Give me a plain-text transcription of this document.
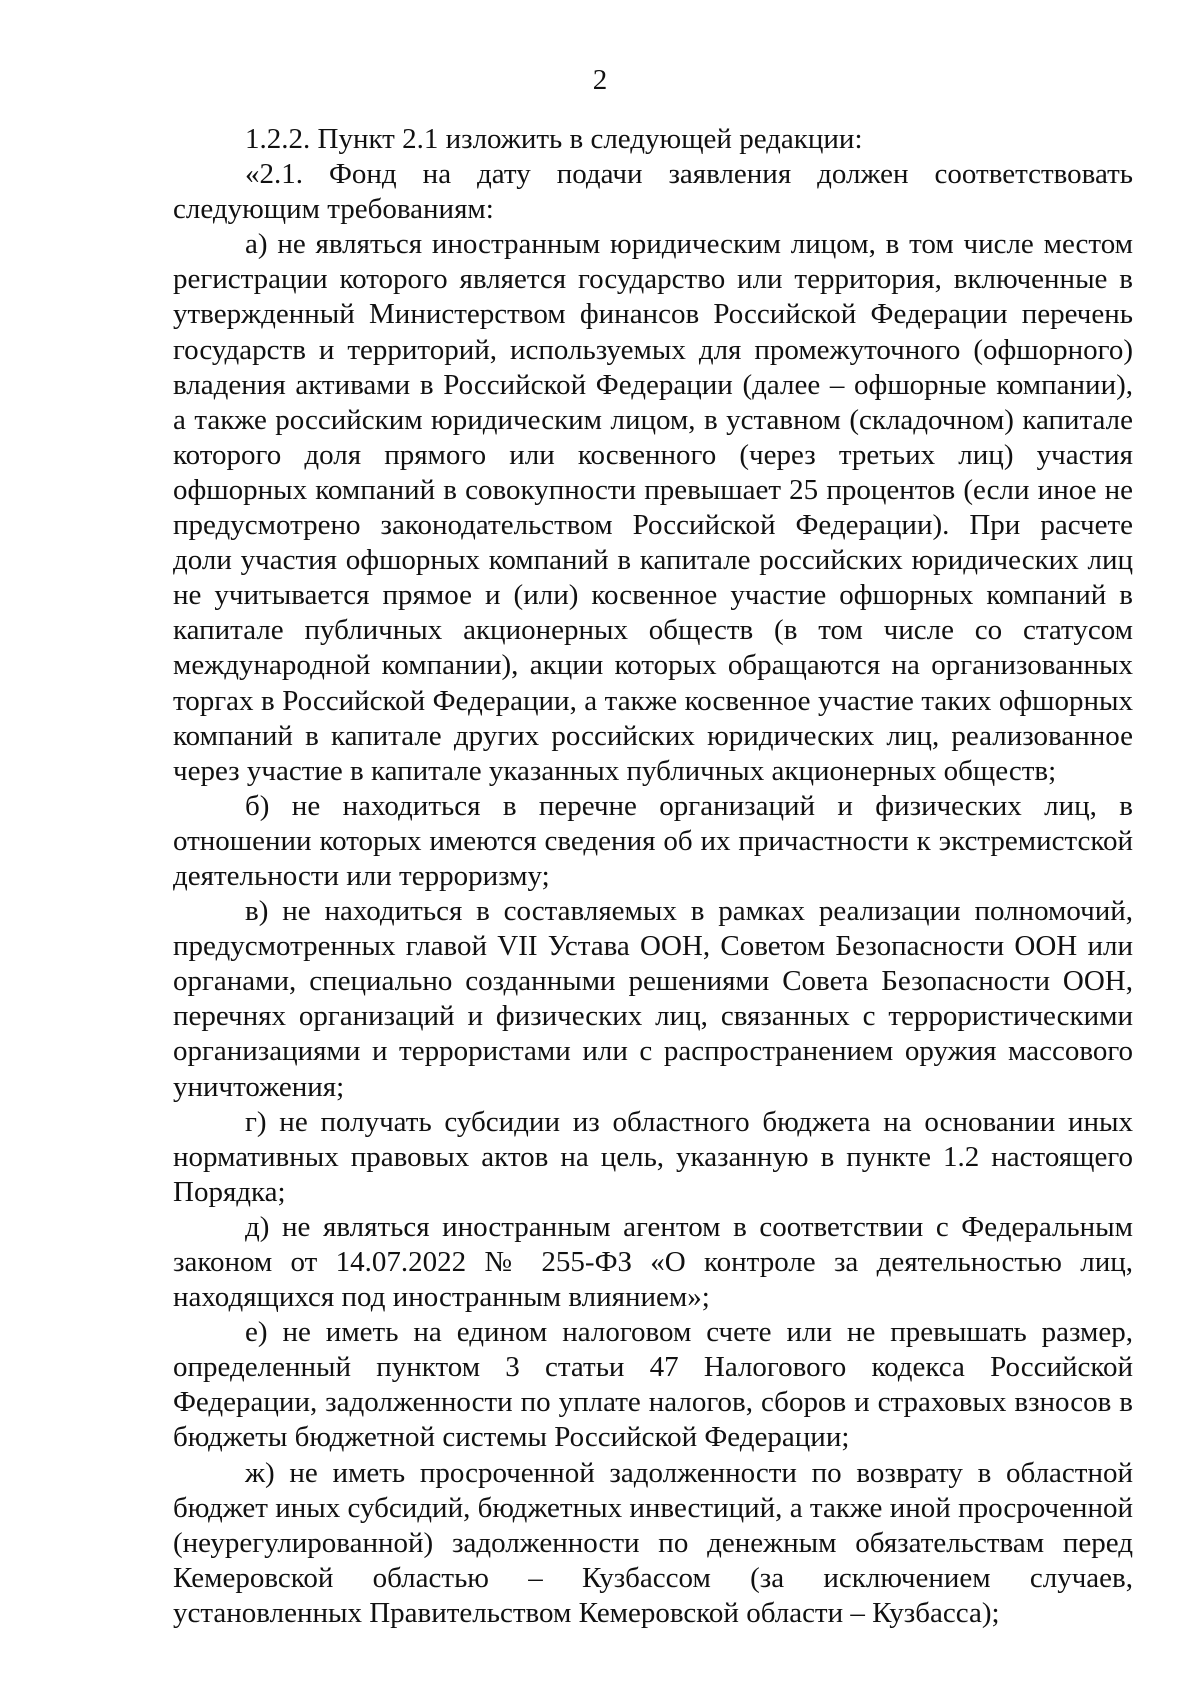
2

1.2.2. Пункт 2.1 изложить в следующей редакции:

«2.1. Фонд на дату подачи заявления должен соответствовать следующим требованиям:

а) не являться иностранным юридическим лицом, в том числе местом регистрации которого является государство или территория, включенные в утвержденный Министерством финансов Российской Федерации перечень государств и территорий, используемых для промежуточного (офшорного) владения активами в Российской Федерации (далее – офшорные компании), а также российским юридическим лицом, в уставном (складочном) капитале которого доля прямого или косвенного (через третьих лиц) участия офшорных компаний в совокупности превышает 25 процентов (если иное не предусмотрено законодательством Российской Федерации). При расчете доли участия офшорных компаний в капитале российских юридических лиц не учитывается прямое и (или) косвенное участие офшорных компаний в капитале публичных акционерных обществ (в том числе со статусом международной компании), акции которых обращаются на организованных торгах в Российской Федерации, а также косвенное участие таких офшорных компаний в капитале других российских юридических лиц, реализованное через участие в капитале указанных публичных акционерных обществ;

б) не находиться в перечне организаций и физических лиц, в отношении которых имеются сведения об их причастности к экстремистской деятельности или терроризму;

в) не находиться в составляемых в рамках реализации полномочий, предусмотренных главой VII Устава ООН, Советом Безопасности ООН или органами, специально созданными решениями Совета Безопасности ООН, перечнях организаций и физических лиц, связанных с террористическими организациями и террористами или с распространением оружия массового уничтожения;

г) не получать субсидии из областного бюджета на основании иных нормативных правовых актов на цель, указанную в пункте 1.2 настоящего Порядка;

д) не являться иностранным агентом в соответствии с Федеральным законом от 14.07.2022 № 255-ФЗ «О контроле за деятельностью лиц, находящихся под иностранным влиянием»;

е) не иметь на едином налоговом счете или не превышать размер, определенный пунктом 3 статьи 47 Налогового кодекса Российской Федерации, задолженности по уплате налогов, сборов и страховых взносов в бюджеты бюджетной системы Российской Федерации;

ж) не иметь просроченной задолженности по возврату в областной бюджет иных субсидий, бюджетных инвестиций, а также иной просроченной (неурегулированной) задолженности по денежным обязательствам перед Кемеровской областью – Кузбассом (за исключением случаев, установленных Правительством Кемеровской области – Кузбасса);
